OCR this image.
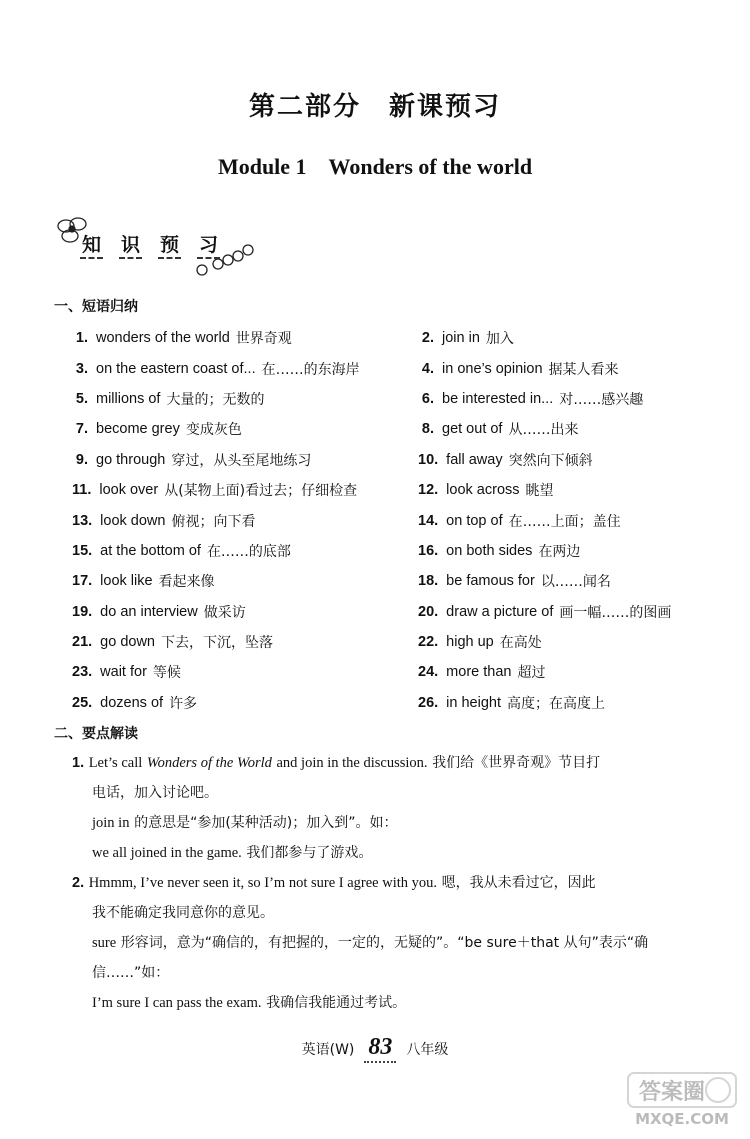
第二部分　新课预习
Module 1　Wonders of the world
知 识 预 习
一、短语归纳
1. wonders of the world 世界奇观	2. join in 加入
3. on the eastern coast of... 在……的东海岸	4. in one’s opinion 据某人看来
5. millions of 大量的；无数的	6. be interested in... 对……感兴趣
7. become grey 变成灰色	8. get out of 从……出来
9. go through 穿过，从头至尾地练习	10. fall away 突然向下倾斜
11. look over 从(某物上面)看过去；仔细检查	12. look across 眺望
13. look down 俯视；向下看	14. on top of 在……上面；盖住
15. at the bottom of 在……的底部	16. on both sides 在两边
17. look like 看起来像	18. be famous for 以……闻名
19. do an interview 做采访	20. draw a picture of 画一幅……的图画
21. go down 下去，下沉，坠落	22. high up 在高处
23. wait for 等候	24. more than 超过
25. dozens of 许多	26. in height 高度；在高度上
二、要点解读

1. Let’s call Wonders of the World and join in the discussion. 我们给《世界奇观》节目打

电话，加入讨论吧。

join in 的意思是“参加(某种活动)；加入到”。如：

we all joined in the game. 我们都参与了游戏。

2. Hmmm, I’ve never seen it, so I’m not sure I agree with you. 嗯，我从未看过它，因此

我不能确定我同意你的意见。

sure 形容词，意为“确信的，有把握的，一定的，无疑的”。“be sure＋that 从句”表示“确

信……”如：

I’m sure I can pass the exam. 我确信我能通过考试。

英语(W) 83 八年级
答案圈
MXQE.COM
